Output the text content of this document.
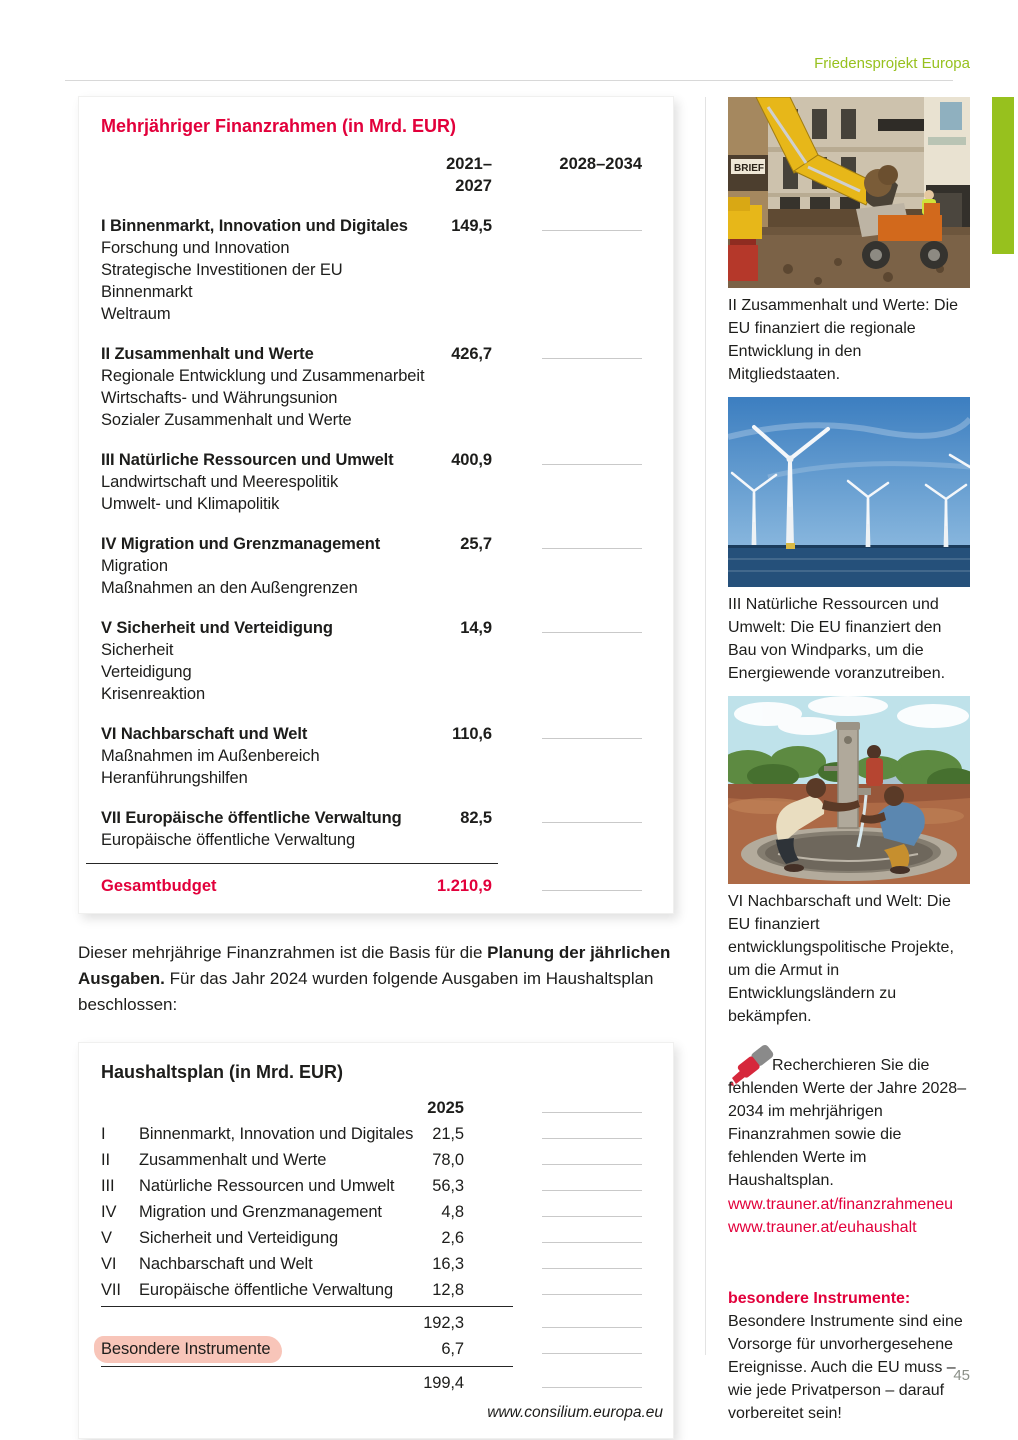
Friedensprojekt Europa
Mehrjähriger Finanzrahmen (in Mrd. EUR)
2021–2027
2028–2034
I Binnenmarkt, Innovation und Digitales	149,5
Forschung und Innovation
Strategische Investitionen der EU
Binnenmarkt
Weltraum
II Zusammenhalt und Werte	426,7
Regionale Entwicklung und Zusammenarbeit
Wirtschafts- und Währungsunion
Sozialer Zusammenhalt und Werte
III Natürliche Ressourcen und Umwelt	400,9
Landwirtschaft und Meerespolitik
Umwelt- und Klimapolitik
IV Migration und Grenzmanagement	25,7
Migration
Maßnahmen an den Außengrenzen
V Sicherheit und Verteidigung	14,9
Sicherheit
Verteidigung
Krisenreaktion
VI Nachbarschaft und Welt	110,6
Maßnahmen im Außenbereich
Heranführungshilfen
VII Europäische öffentliche Verwaltung	82,5
Europäische öffentliche Verwaltung
Gesamtbudget	1.210,9

Dieser mehrjährige Finanzrahmen ist die Basis für die Planung der jährlichen Ausgaben. Für das Jahr 2024 wurden folgende Ausgaben im Haushaltsplan beschlossen:

Haushaltsplan (in Mrd. EUR)
2025
I	Binnenmarkt, Innovation und Digitales	21,5
II	Zusammenhalt und Werte	78,0
III	Natürliche Ressourcen und Umwelt	56,3
IV	Migration und Grenzmanagement	4,8
V	Sicherheit und Verteidigung	2,6
VI	Nachbarschaft und Welt	16,3
VII	Europäische öffentliche Verwaltung	12,8
192,3
Besondere Instrumente	6,7
199,4
www.consilium.europa.eu
BRIEF
II Zusammenhalt und Werte: Die EU finanziert die regionale Entwicklung in den Mitgliedstaaten.
III Natürliche Ressourcen und Umwelt: Die EU finanziert den Bau von Windparks, um die Energiewende voranzutreiben.
VI Nachbarschaft und Welt: Die EU finanziert entwicklungspolitische Projekte, um die Armut in Entwicklungsländern zu bekämpfen.
Recherchieren Sie die fehlenden Werte der Jahre 2028–2034 im mehrjährigen Finanzrahmen sowie die fehlenden Werte im Haushaltsplan.
www.trauner.at/finanzrahmeneu
www.trauner.at/euhaushalt
besondere Instrumente: Besondere Instrumente sind eine Vorsorge für unvorhergesehene Ereignisse. Auch die EU muss – wie jede Privatperson – darauf vorbereitet sein!
45
